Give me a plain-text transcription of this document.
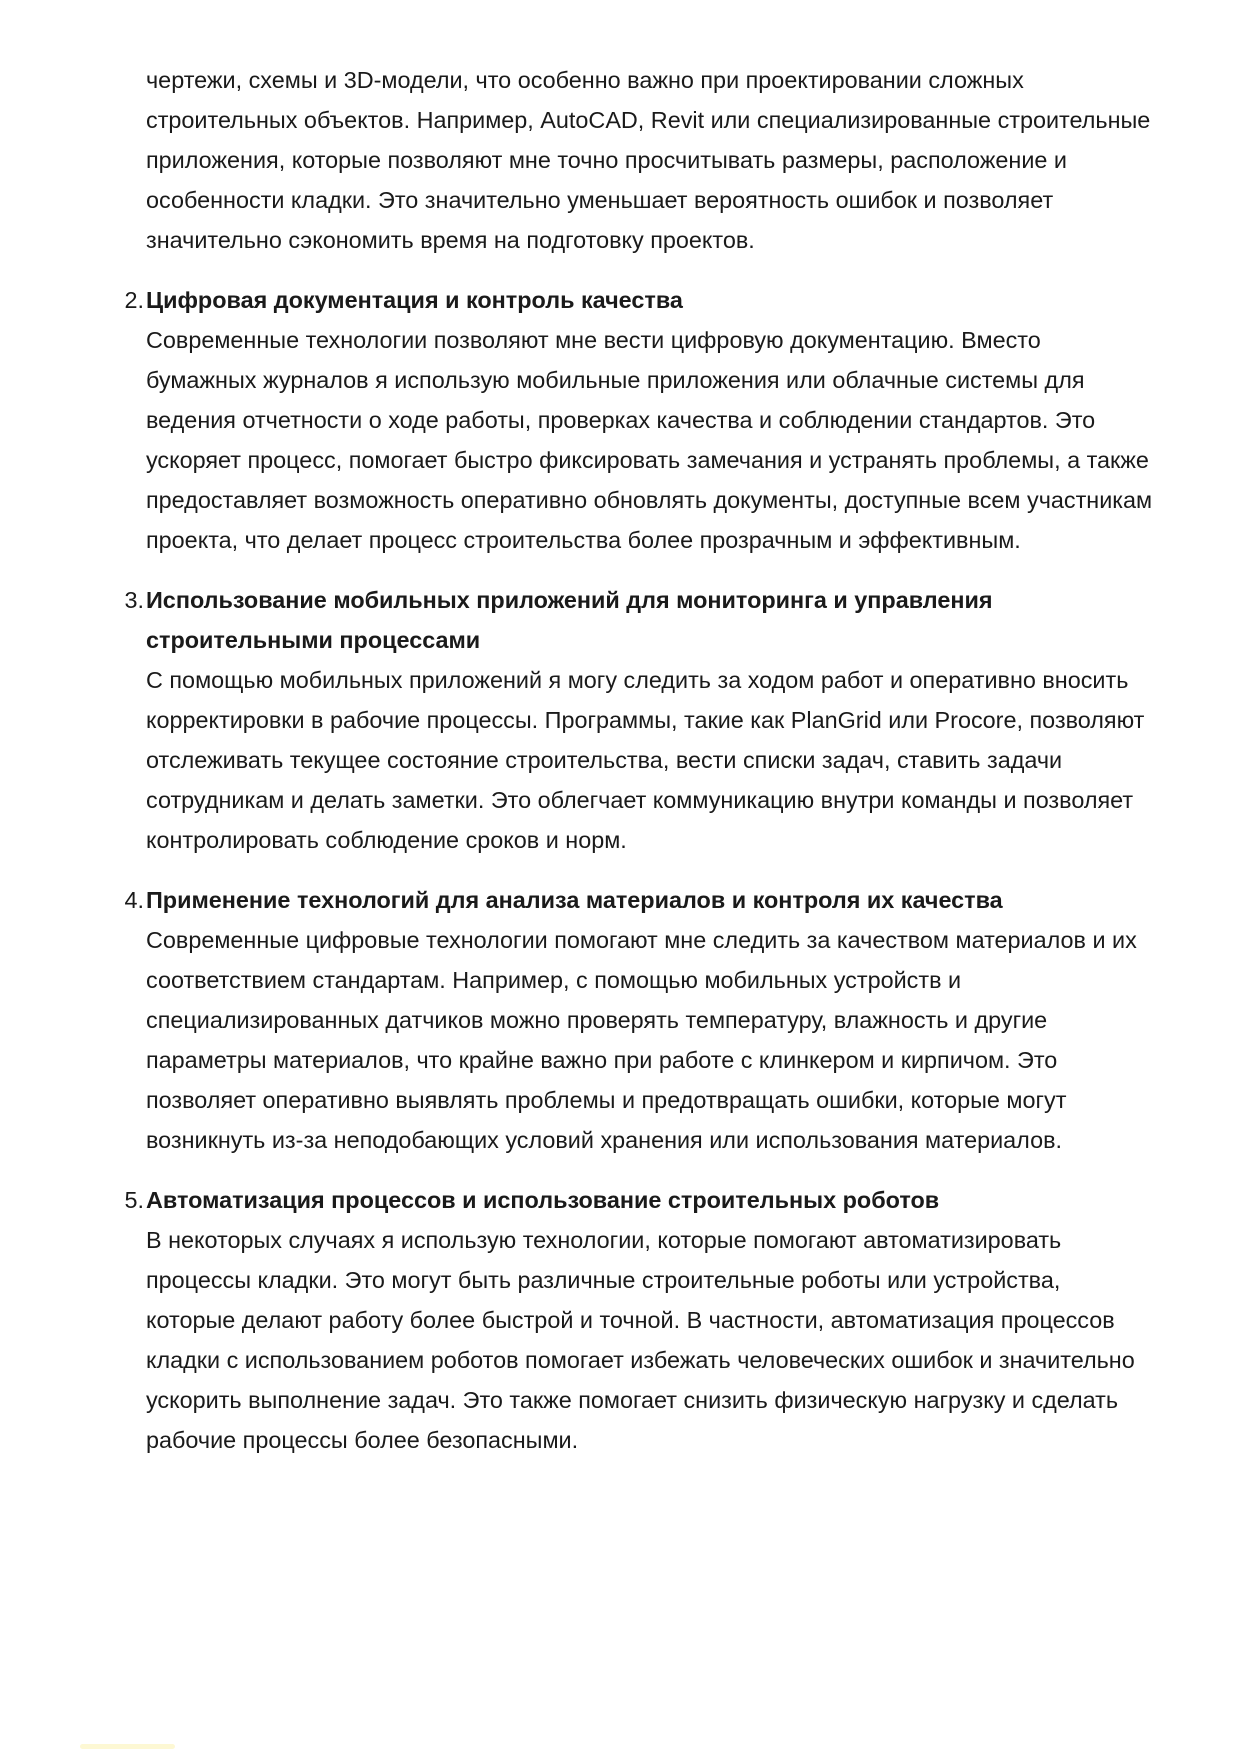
чертежи, схемы и 3D-модели, что особенно важно при проектировании сложных строительных объектов. Например, AutoCAD, Revit или специализированные строительные приложения, которые позволяют мне точно просчитывать размеры, расположение и особенности кладки. Это значительно уменьшает вероятность ошибок и позволяет значительно сэкономить время на подготовку проектов.

2. Цифровая документация и контроль качества

Современные технологии позволяют мне вести цифровую документацию. Вместо бумажных журналов я использую мобильные приложения или облачные системы для ведения отчетности о ходе работы, проверках качества и соблюдении стандартов. Это ускоряет процесс, помогает быстро фиксировать замечания и устранять проблемы, а также предоставляет возможность оперативно обновлять документы, доступные всем участникам проекта, что делает процесс строительства более прозрачным и эффективным.

3. Использование мобильных приложений для мониторинга и управления строительными процессами

С помощью мобильных приложений я могу следить за ходом работ и оперативно вносить корректировки в рабочие процессы. Программы, такие как PlanGrid или Procore, позволяют отслеживать текущее состояние строительства, вести списки задач, ставить задачи сотрудникам и делать заметки. Это облегчает коммуникацию внутри команды и позволяет контролировать соблюдение сроков и норм.

4. Применение технологий для анализа материалов и контроля их качества

Современные цифровые технологии помогают мне следить за качеством материалов и их соответствием стандартам. Например, с помощью мобильных устройств и специализированных датчиков можно проверять температуру, влажность и другие параметры материалов, что крайне важно при работе с клинкером и кирпичом. Это позволяет оперативно выявлять проблемы и предотвращать ошибки, которые могут возникнуть из-за неподобающих условий хранения или использования материалов.

5. Автоматизация процессов и использование строительных роботов

В некоторых случаях я использую технологии, которые помогают автоматизировать процессы кладки. Это могут быть различные строительные роботы или устройства, которые делают работу более быстрой и точной. В частности, автоматизация процессов кладки с использованием роботов помогает избежать человеческих ошибок и значительно ускорить выполнение задач. Это также помогает снизить физическую нагрузку и сделать рабочие процессы более безопасными.
